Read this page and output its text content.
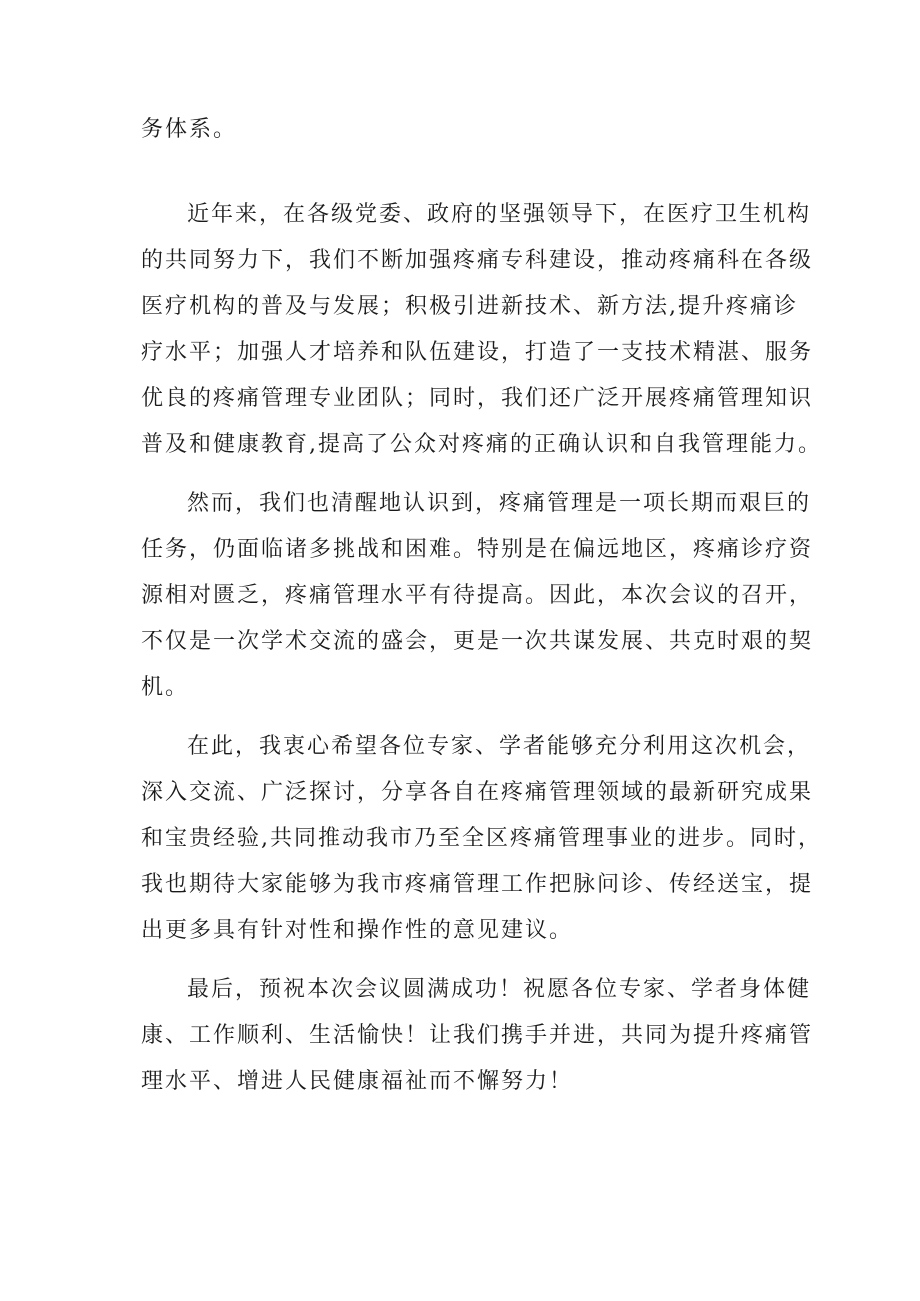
务体系。
近年来，在各级党委、政府的坚强领导下，在医疗卫生机构
的共同努力下，我们不断加强疼痛专科建设，推动疼痛科在各级
医疗机构的普及与发展；积极引进新技术、新方法,提升疼痛诊
疗水平；加强人才培养和队伍建设，打造了一支技术精湛、服务
优良的疼痛管理专业团队；同时，我们还广泛开展疼痛管理知识
普及和健康教育,提高了公众对疼痛的正确认识和自我管理能力。
然而，我们也清醒地认识到，疼痛管理是一项长期而艰巨的
任务，仍面临诸多挑战和困难。特别是在偏远地区，疼痛诊疗资
源相对匮乏，疼痛管理水平有待提高。因此，本次会议的召开，
不仅是一次学术交流的盛会，更是一次共谋发展、共克时艰的契
机。
在此，我衷心希望各位专家、学者能够充分利用这次机会，
深入交流、广泛探讨，分享各自在疼痛管理领域的最新研究成果
和宝贵经验,共同推动我市乃至全区疼痛管理事业的进步。同时，
我也期待大家能够为我市疼痛管理工作把脉问诊、传经送宝，提
出更多具有针对性和操作性的意见建议。
最后，预祝本次会议圆满成功！祝愿各位专家、学者身体健
康、工作顺利、生活愉快！让我们携手并进，共同为提升疼痛管
理水平、增进人民健康福祉而不懈努力！
